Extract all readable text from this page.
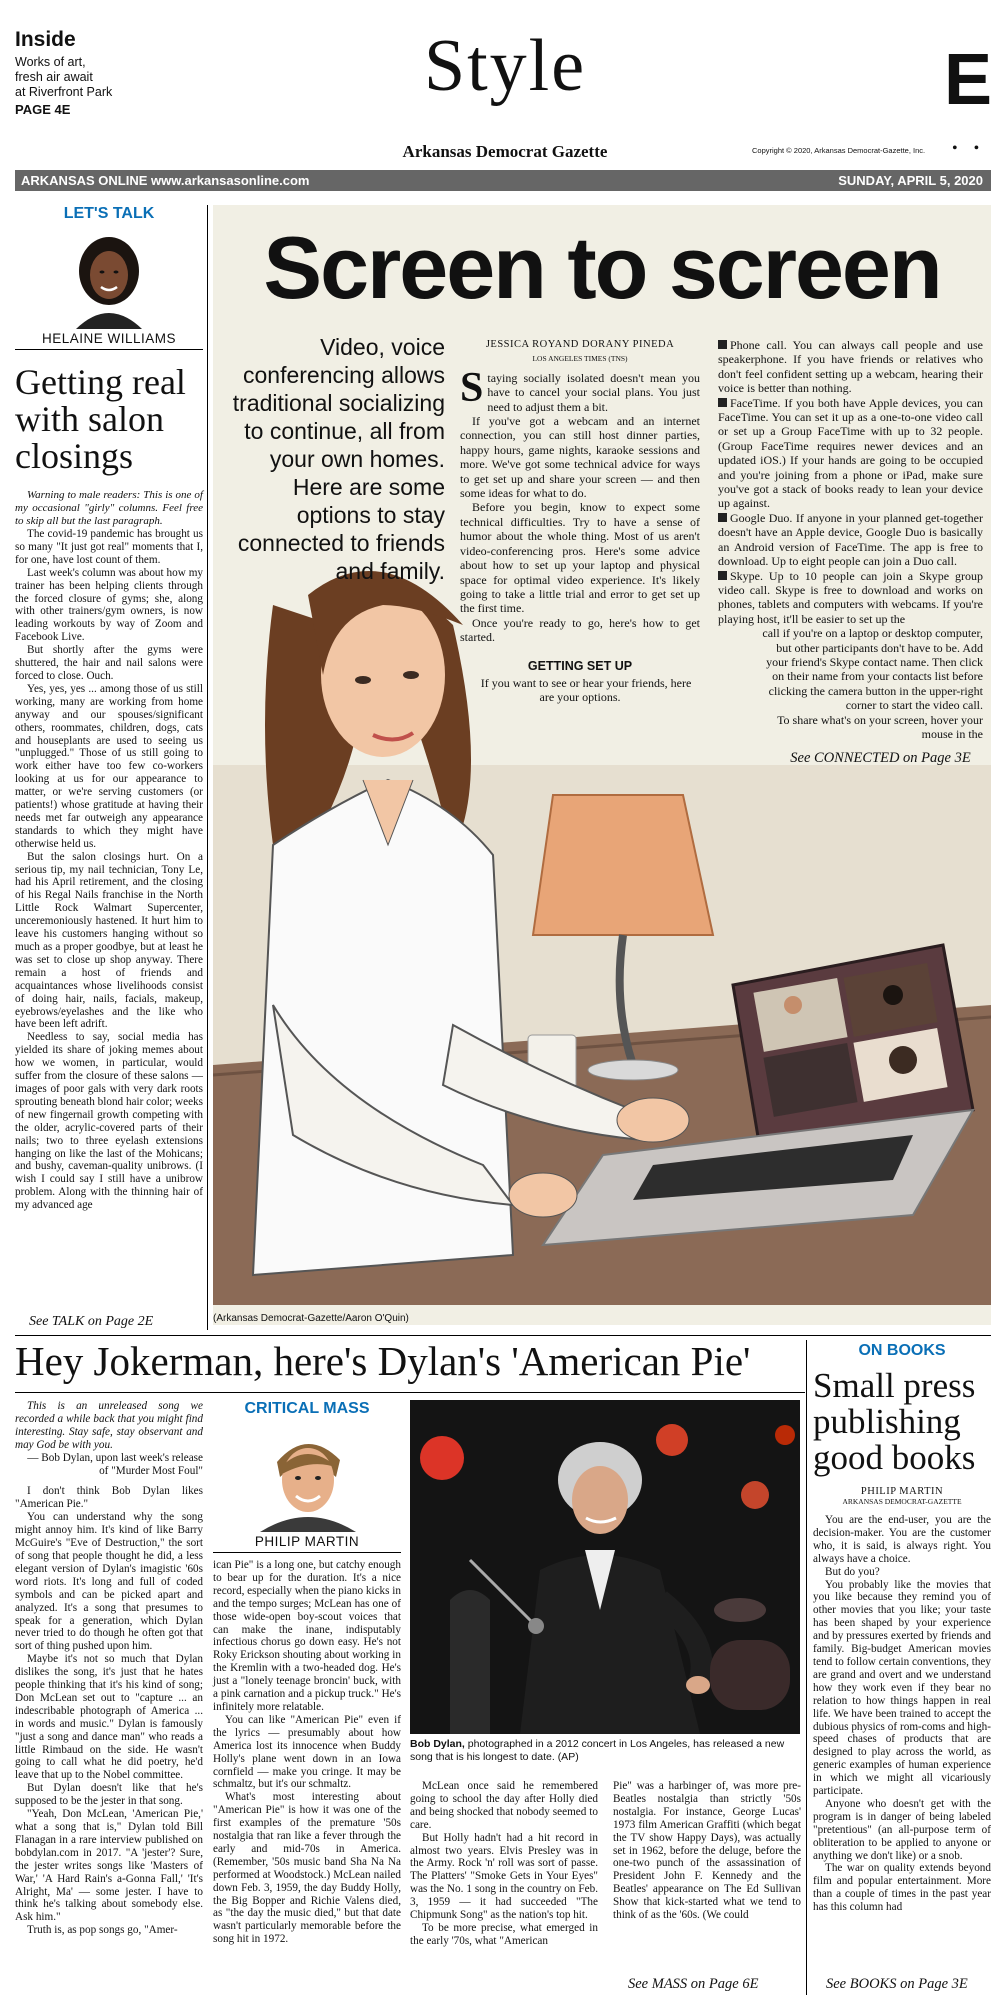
Inside
Works of art,
fresh air await
at Riverfront Park
PAGE 4E
Style
Arkansas Democrat Gazette	Copyright © 2020, Arkansas Democrat-Gazette, Inc.
E
• •
ARKANSAS ONLINE www.arkansasonline.com	SUNDAY, APRIL 5, 2020
LET'S TALK
HELAINE WILLIAMS
Getting real with salon closings
Warning to male readers: This is one of my occasional "girly" columns. Feel free to skip all but the last paragraph.

The covid-19 pandemic has brought us so many "It just got real" moments that I, for one, have lost count of them.

Last week's column was about how my trainer has been helping clients through the forced closure of gyms; she, along with other trainers/gym owners, is now leading workouts by way of Zoom and Facebook Live.

But shortly after the gyms were shuttered, the hair and nail salons were forced to close. Ouch.

Yes, yes, yes ... among those of us still working, many are working from home anyway and our spouses/significant others, roommates, children, dogs, cats and houseplants are used to seeing us "unplugged." Those of us still going to work either have too few co-workers looking at us for our appearance to matter, or we're serving customers (or patients!) whose gratitude at having their needs met far outweigh any appearance standards to which they might have otherwise held us.

But the salon closings hurt. On a serious tip, my nail technician, Tony Le, had his April retirement, and the closing of his Regal Nails franchise in the North Little Rock Walmart Supercenter, unceremoniously hastened. It hurt him to leave his customers hanging without so much as a proper goodbye, but at least he was set to close up shop anyway. There remain a host of friends and acquaintances whose livelihoods consist of doing hair, nails, facials, makeup, eyebrows/eyelashes and the like who have been left adrift.

Needless to say, social media has yielded its share of joking memes about how we women, in particular, would suffer from the closure of these salons — images of poor gals with very dark roots sprouting beneath blond hair color; weeks of new fingernail growth competing with the older, acrylic-covered parts of their nails; two to three eyelash extensions hanging on like the last of the Mohicans; and bushy, caveman-quality unibrows. (I wish I could say I still have a unibrow problem. Along with the thinning hair of my advanced age

See TALK on Page 2E
Screen to screen
Video, voice conferencing allows traditional socializing to continue, all from your own homes. Here are some options to stay connected to friends and family.
JESSICA ROYAND DORANY PINEDA
LOS ANGELES TIMES (TNS)

Staying socially isolated doesn't mean you have to cancel your social plans. You just need to adjust them a bit.

If you've got a webcam and an internet connection, you can still host dinner parties, happy hours, game nights, karaoke sessions and more. We've got some technical advice for ways to get set up and share your screen — and then some ideas for what to do.

Before you begin, know to expect some technical difficulties. Try to have a sense of humor about the whole thing. Most of us aren't video-conferencing pros. Here's some advice about how to set up your laptop and physical space for optimal video experience. It's likely going to take a little trial and error to get set up the first time.

Once you're ready to go, here's how to get started.

GETTING SET UP

If you want to see or hear your friends, here are your options.

Phone call. You can always call people and use speakerphone. If you have friends or relatives who don't feel confident setting up a webcam, hearing their voice is better than nothing.

FaceTime. If you both have Apple devices, you can FaceTime. You can set it up as a one-to-one video call or set up a Group FaceTime with up to 32 people. (Group FaceTime requires newer devices and an updated iOS.) If your hands are going to be occupied and you're joining from a phone or iPad, make sure you've got a stack of books ready to lean your device up against.

Google Duo. If anyone in your planned get-together doesn't have an Apple device, Google Duo is basically an Android version of FaceTime. The app is free to download. Up to eight people can join a Duo call.

Skype. Up to 10 people can join a Skype group video call. Skype is free to download and works on phones, tablets and computers with webcams. If you're playing host, it'll be easier to set up the

call if you're on a laptop or desktop computer, but other participants don't have to be. Add your friend's Skype contact name. Then click on their name from your contacts list before clicking the camera button in the upper-right corner to start the video call.

To share what's on your screen, hover your mouse in the

See CONNECTED on Page 3E
(Arkansas Democrat-Gazette/Aaron O'Quin)
Hey Jokerman, here's Dylan's 'American Pie'

This is an unreleased song we recorded a while back that you might find interesting. Stay safe, stay observant and may God be with you.

— Bob Dylan, upon last week's release of "Murder Most Foul"

I don't think Bob Dylan likes "American Pie."

You can understand why the song might annoy him. It's kind of like Barry McGuire's "Eve of Destruction," the sort of song that people thought he did, a less elegant version of Dylan's imagistic '60s word riots. It's long and full of coded symbols and can be picked apart and analyzed. It's a song that presumes to speak for a generation, which Dylan never tried to do though he often got that sort of thing pushed upon him.

Maybe it's not so much that Dylan dislikes the song, it's just that he hates people thinking that it's his kind of song; Don McLean set out to "capture ... an indescribable photograph of America ... in words and music." Dylan is famously "just a song and dance man" who reads a little Rimbaud on the side. He wasn't going to call what he did poetry, he'd leave that up to the Nobel committee.

But Dylan doesn't like that he's supposed to be the jester in that song.

"Yeah, Don McLean, 'American Pie,' what a song that is," Dylan told Bill Flanagan in a rare interview published on bobdylan.com in 2017. "A 'jester'? Sure, the jester writes songs like 'Masters of War,' 'A Hard Rain's a-Gonna Fall,' 'It's Alright, Ma' — some jester. I have to think he's talking about somebody else. Ask him."

Truth is, as pop songs go, "Amer-

CRITICAL MASS
PHILIP MARTIN

ican Pie" is a long one, but catchy enough to bear up for the duration. It's a nice record, especially when the piano kicks in and the tempo surges; McLean has one of those wide-open boy-scout voices that can make the inane, indisputably infectious chorus go down easy. He's not Roky Erickson shouting about working in the Kremlin with a two-headed dog. He's just a "lonely teenage broncin' buck, with a pink carnation and a pickup truck." He's infinitely more relatable.

You can like "American Pie" even if the lyrics — presumably about how America lost its innocence when Buddy Holly's plane went down in an Iowa cornfield — make you cringe. It may be schmaltz, but it's our schmaltz.

What's most interesting about "American Pie" is how it was one of the first examples of the premature '50s nostalgia that ran like a fever through the early and mid-70s in America. (Remember, '50s music band Sha Na Na performed at Woodstock.) McLean nailed down Feb. 3, 1959, the day Buddy Holly, the Big Bopper and Richie Valens died, as "the day the music died," but that date wasn't particularly memorable before the song hit in 1972.

Bob Dylan, photographed in a 2012 concert in Los Angeles, has released a new song that is his longest to date. (AP)

McLean once said he remembered going to school the day after Holly died and being shocked that nobody seemed to care.

But Holly hadn't had a hit record in almost two years. Elvis Presley was in the Army. Rock 'n' roll was sort of passe. The Platters' "Smoke Gets in Your Eyes" was the No. 1 song in the country on Feb. 3, 1959 — it had succeeded "The Chipmunk Song" as the nation's top hit.

To be more precise, what emerged in the early '70s, what "American

Pie" was a harbinger of, was more pre-Beatles nostalgia than strictly '50s nostalgia. For instance, George Lucas' 1973 film American Graffiti (which begat the TV show Happy Days), was actually set in 1962, before the deluge, before the one-two punch of the assassination of President John F. Kennedy and the Beatles' appearance on The Ed Sullivan Show that kick-started what we tend to think of as the '60s. (We could

See MASS on Page 6E
ON BOOKS
Small press publishing good books
PHILIP MARTIN
ARKANSAS DEMOCRAT-GAZETTE

You are the end-user, you are the decision-maker. You are the customer who, it is said, is always right. You always have a choice.

But do you?

You probably like the movies that you like because they remind you of other movies that you like; your taste has been shaped by your experience and by pressures exerted by friends and family. Big-budget American movies tend to follow certain conventions, they are grand and overt and we understand how they work even if they bear no relation to how things happen in real life. We have been trained to accept the dubious physics of rom-coms and high-speed chases of products that are designed to play across the world, as generic examples of human experience in which we might all vicariously participate.

Anyone who doesn't get with the program is in danger of being labeled "pretentious" (an all-purpose term of obliteration to be applied to anyone or anything we don't like) or a snob.

The war on quality extends beyond film and popular entertainment. More than a couple of times in the past year has this column had

See BOOKS on Page 3E
